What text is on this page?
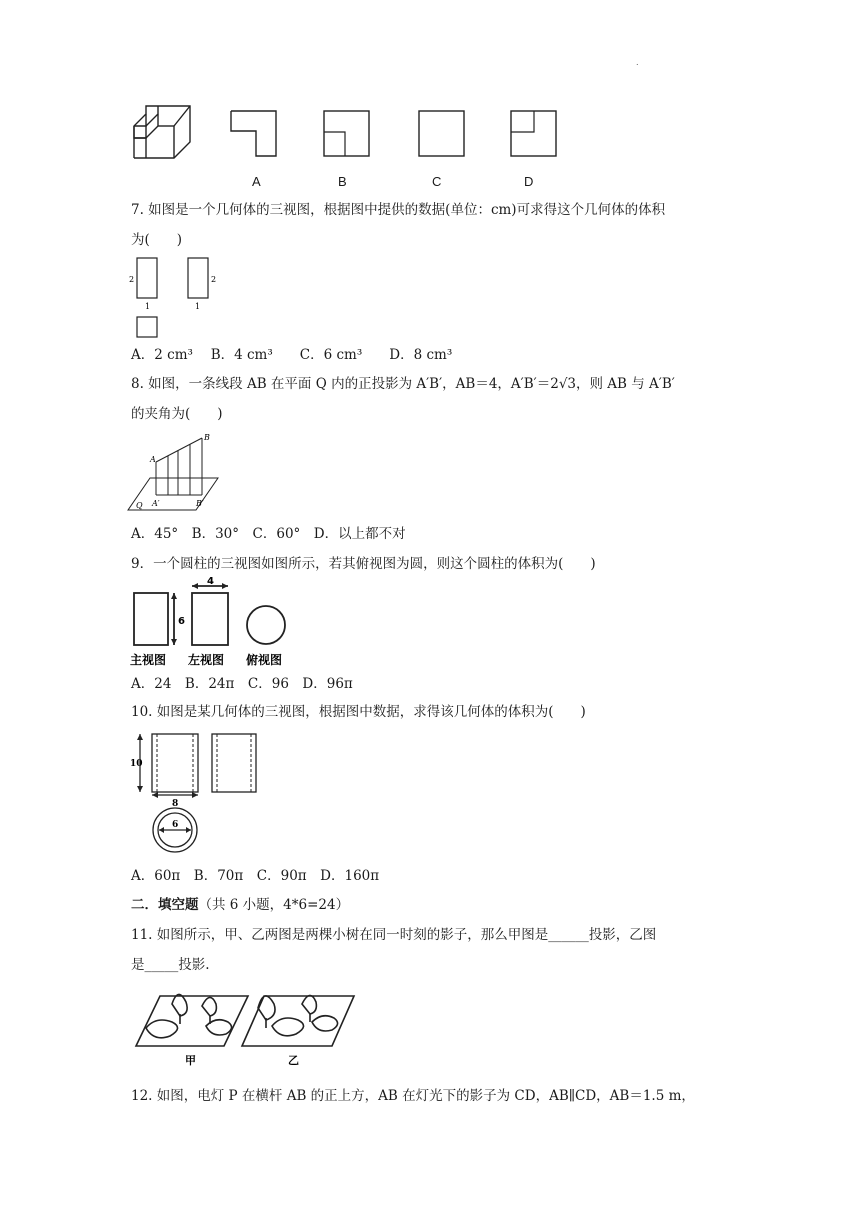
.
A	B	C	D
7. 如图是一个几何体的三视图，根据图中提供的数据(单位：cm)可求得这个几何体的体积
为(　　)
2
1
2
1
A．2 cm³　 B．4 cm³　　C．6 cm³　　D．8 cm³
8. 如图，一条线段 AB 在平面 Q 内的正投影为 A′B′，AB＝4，A′B′＝2√3，则 AB 与 A′B′
的夹角为(　　)
A
B
A′	B′
Q
A．45°　B．30°　C．60°　D．以上都不对
9．一个圆柱的三视图如图所示，若其俯视图为圆，则这个圆柱的体积为(　　)
4
6
主视图 左视图 俯视图
A．24　B．24π　C．96　D．96π
10. 如图是某几何体的三视图，根据图中数据，求得该几何体的体积为(　　)
10
8
6
A．60π　B．70π　C．90π　D．160π
二．填空题（共 6 小题，4*6=24）
11. 如图所示，甲、乙两图是两棵小树在同一时刻的影子，那么甲图是______投影，乙图
是_____投影.
甲	乙
12. 如图，电灯 P 在横杆 AB 的正上方，AB 在灯光下的影子为 CD，AB∥CD，AB＝1.5 m，
